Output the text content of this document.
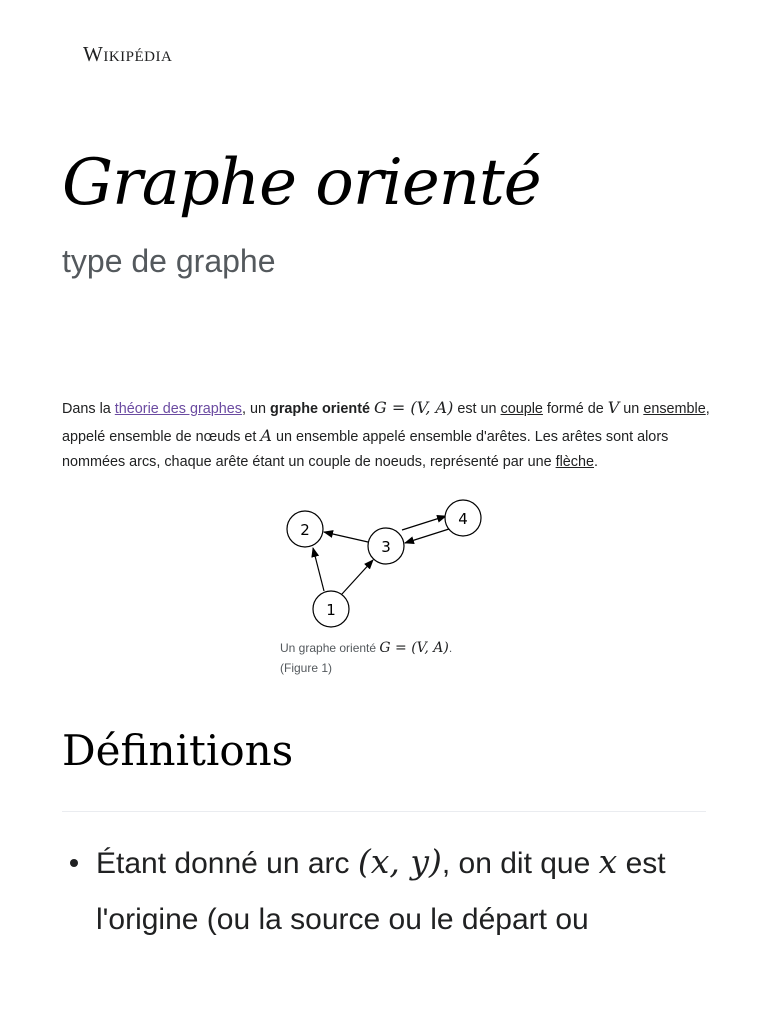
Wikipédia
Graphe orienté
type de graphe

Dans la théorie des graphes, un graphe orienté G = (V, A) est un couple formé de V un ensemble, appelé ensemble de nœuds et A un ensemble appelé ensemble d'arêtes. Les arêtes sont alors nommées arcs, chaque arête étant un couple de noeuds, représenté par une flèche.

2
3
4
1
Un graphe orienté G = (V, A).
(Figure 1)
Définitions
Étant donné un arc (x, y), on dit que x est l'origine (ou la source ou le départ ou
